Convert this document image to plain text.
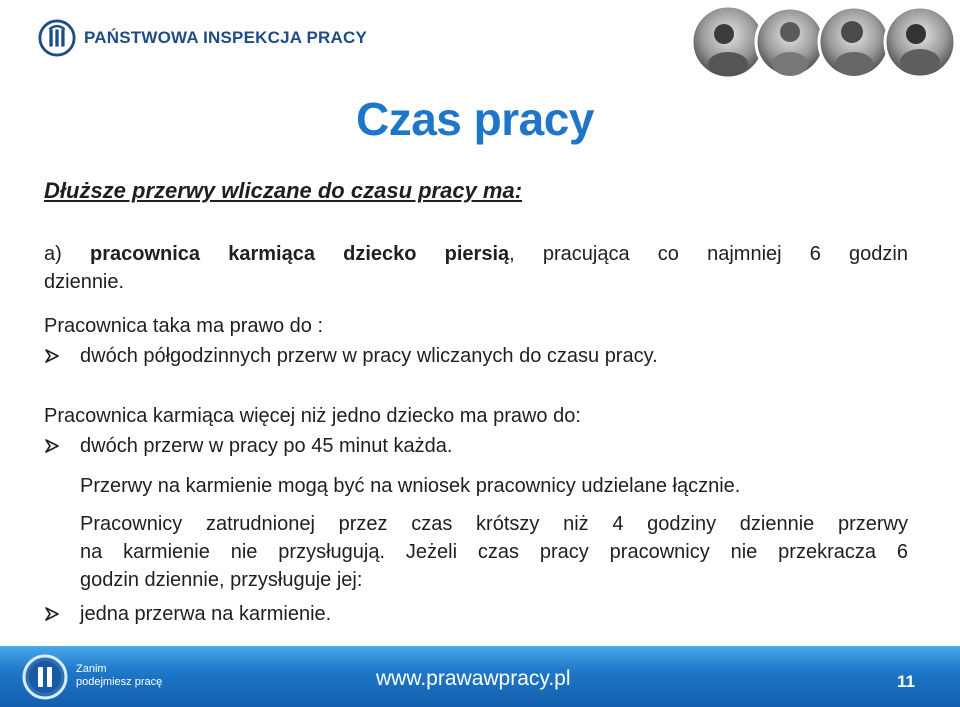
PAŃSTWOWA INSPEKCJA PRACY
Czas pracy
Dłuższe przerwy wliczane do czasu pracy ma:
a) pracownica karmiąca dziecko piersią, pracująca co najmniej 6 godzin
dziennie.
Pracownica taka ma prawo do :
dwóch półgodzinnych przerw w pracy wliczanych do czasu pracy.
Pracownica karmiąca więcej niż jedno dziecko ma prawo do:
dwóch przerw w pracy po 45 minut każda.
Przerwy na karmienie mogą być na wniosek pracownicy udzielane łącznie.
Pracownicy zatrudnionej przez czas krótszy niż 4 godziny dziennie przerwy
na karmienie nie przysługują. Jeżeli czas pracy pracownicy nie przekracza 6
godzin dziennie, przysługuje jej:
jedna przerwa na karmienie.
Zanim
podejmiesz pracę	www.prawawpracy.pl	11
